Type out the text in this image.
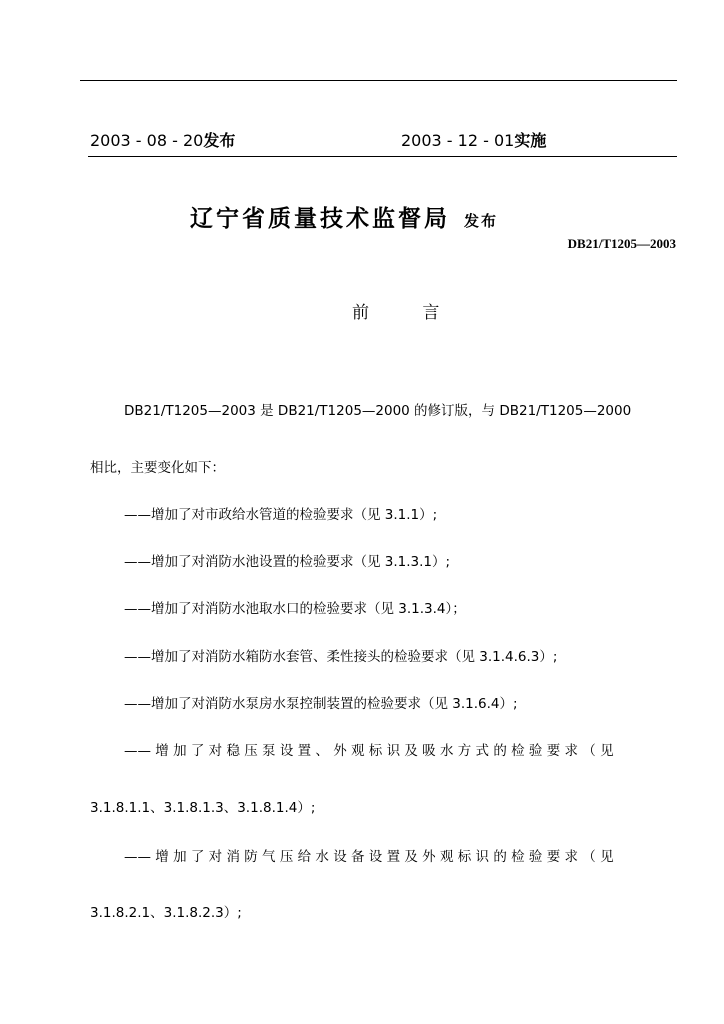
2003 - 08 - 20发布	2003 - 12 - 01实施
辽宁省质量技术监督局 发布
DB21/T1205—2003
前 言
DB21/T1205—2003 是 DB21/T1205—2000 的修订版，与 DB21/T1205—2000
相比，主要变化如下：
——增加了对市政给水管道的检验要求（见 3.1.1）;
——增加了对消防水池设置的检验要求（见 3.1.3.1）;
——增加了对消防水池取水口的检验要求（见 3.1.3.4）；
——增加了对消防水箱防水套管、柔性接头的检验要求（见 3.1.4.6.3）;
——增加了对消防水泵房水泵控制装置的检验要求（见 3.1.6.4）;
—— 增 加 了 对 稳 压 泵 设 置 、 外 观 标 识 及 吸 水 方 式 的 检 验 要 求 （ 见
3.1.8.1.1、3.1.8.1.3、3.1.8.1.4）;
—— 增 加 了 对 消 防 气 压 给 水 设 备 设 置 及 外 观 标 识 的 检 验 要 求 （ 见
3.1.8.2.1、3.1.8.2.3）;
